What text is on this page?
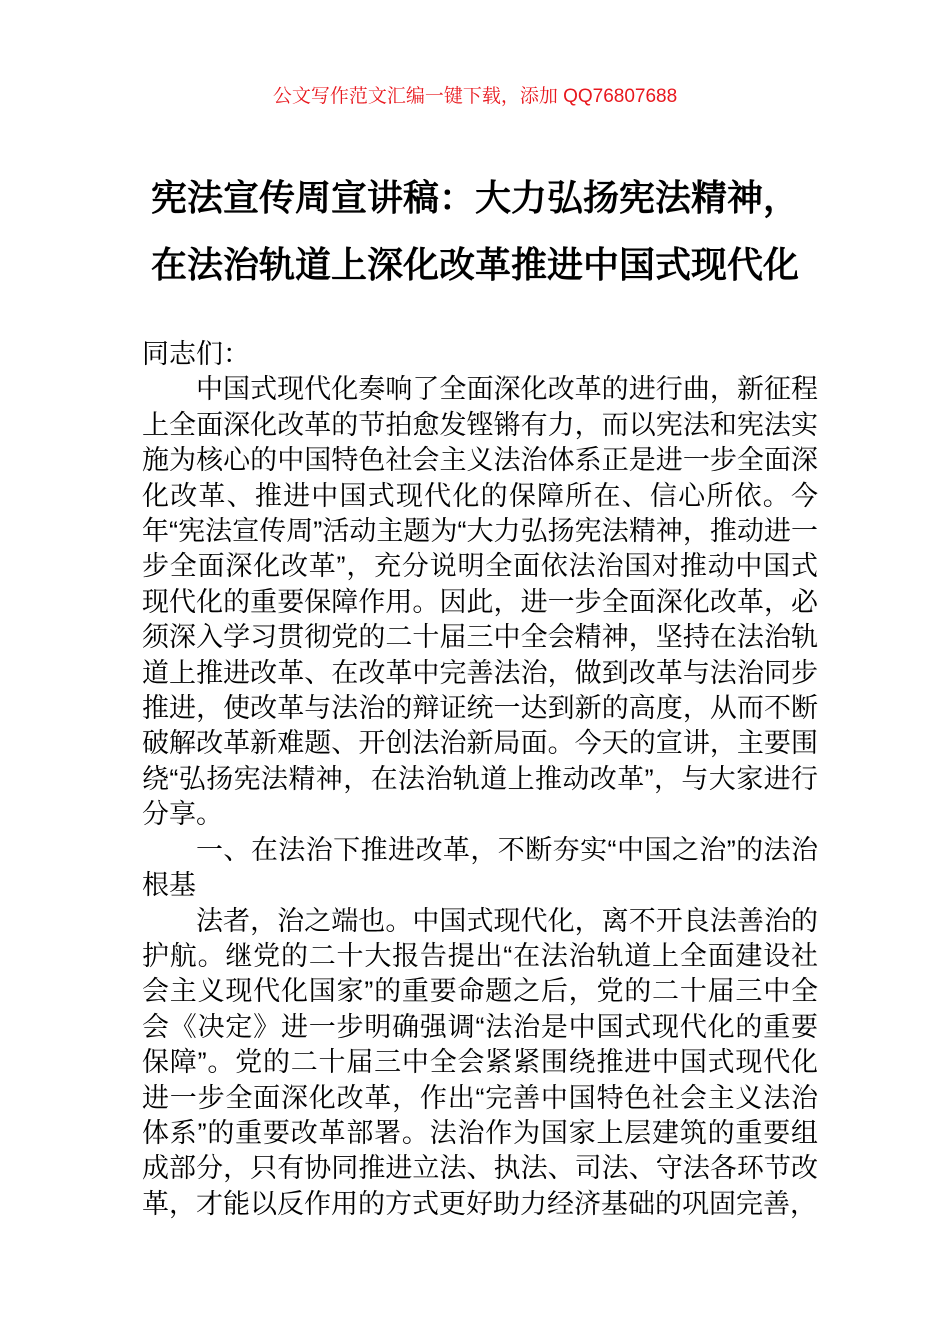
公文写作范文汇编一键下载，添加 QQ76807688
宪法宣传周宣讲稿：大力弘扬宪法精神，
在法治轨道上深化改革推进中国式现代化

同志们：

中国式现代化奏响了全面深化改革的进行曲，新征程上全面深化改革的节拍愈发铿锵有力，而以宪法和宪法实施为核心的中国特色社会主义法治体系正是进一步全面深化改革、推进中国式现代化的保障所在、信心所依。今年“宪法宣传周”活动主题为“大力弘扬宪法精神，推动进一步全面深化改革”，充分说明全面依法治国对推动中国式现代化的重要保障作用。因此，进一步全面深化改革，必须深入学习贯彻党的二十届三中全会精神，坚持在法治轨道上推进改革、在改革中完善法治，做到改革与法治同步推进，使改革与法治的辩证统一达到新的高度，从而不断破解改革新难题、开创法治新局面。今天的宣讲，主要围绕“弘扬宪法精神，在法治轨道上推动改革”，与大家进行分享。

一、在法治下推进改革，不断夯实“中国之治”的法治根基

法者，治之端也。中国式现代化，离不开良法善治的护航。继党的二十大报告提出“在法治轨道上全面建设社会主义现代化国家”的重要命题之后，党的二十届三中全会《决定》进一步明确强调“法治是中国式现代化的重要保障”。党的二十届三中全会紧紧围绕推进中国式现代化进一步全面深化改革，作出“完善中国特色社会主义法治体系”的重要改革部署。法治作为国家上层建筑的重要组成部分，只有协同推进立法、执法、司法、守法各环节改革，才能以反作用的方式更好助力经济基础的巩固完善，
